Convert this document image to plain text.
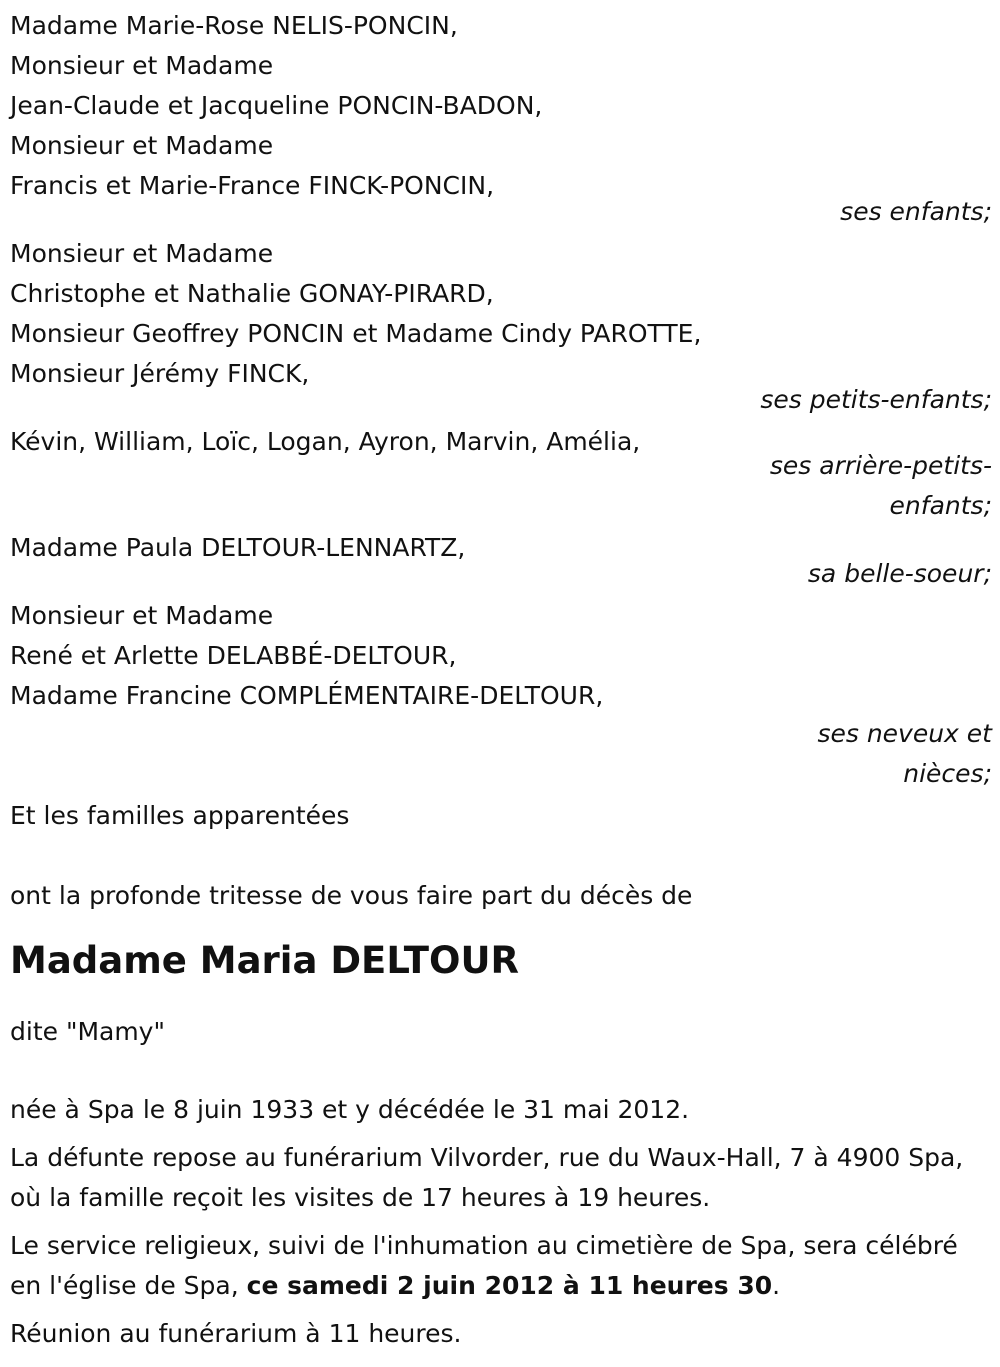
Madame Marie-Rose NELIS-PONCIN,
Monsieur et Madame
Jean-Claude et Jacqueline PONCIN-BADON,
Monsieur et Madame
Francis et Marie-France FINCK-PONCIN,
ses enfants;
Monsieur et Madame
Christophe et Nathalie GONAY-PIRARD,
Monsieur Geoffrey PONCIN et Madame Cindy PAROTTE,
Monsieur Jérémy FINCK,
ses petits-enfants;
Kévin, William, Loïc, Logan, Ayron, Marvin, Amélia,
ses arrière-petits-
enfants;
Madame Paula DELTOUR-LENNARTZ,
sa belle-soeur;
Monsieur et Madame
René et Arlette DELABBÉ-DELTOUR,
Madame Francine COMPLÉMENTAIRE-DELTOUR,
ses neveux et
nièces;
Et les familles apparentées
ont la profonde tritesse de vous faire part du décès de
Madame Maria DELTOUR
dite "Mamy"
née à Spa le 8 juin 1933 et y décédée le 31 mai 2012.
La défunte repose au funérarium Vilvorder, rue du Waux-Hall, 7 à 4900 Spa, où la famille reçoit les visites de 17 heures à 19 heures.
Le service religieux, suivi de l'inhumation au cimetière de Spa, sera célébré en l'église de Spa, ce samedi 2 juin 2012 à 11 heures 30.
Réunion au funérarium à 11 heures.
